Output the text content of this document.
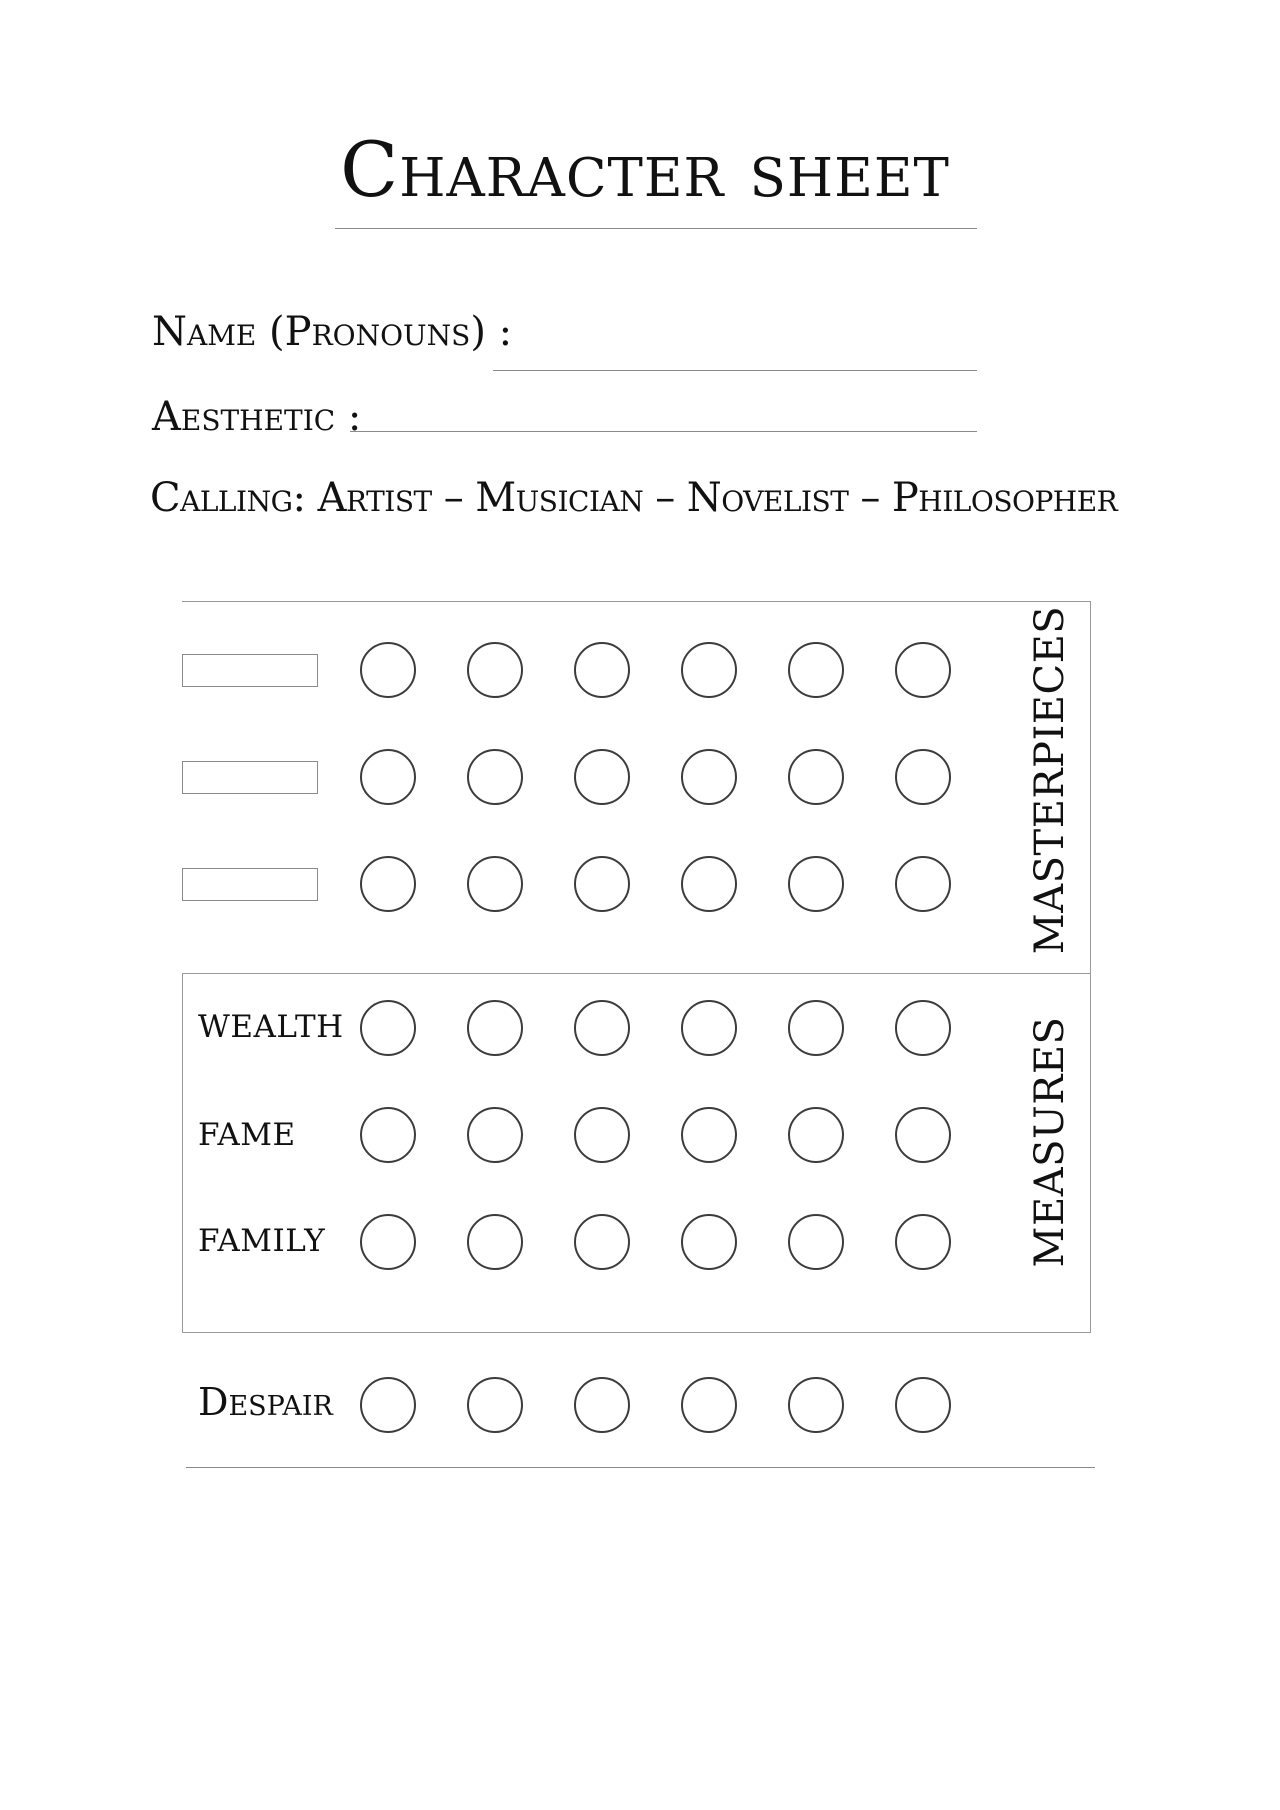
Character sheet
Name (Pronouns) :
Aesthetic :
Calling: Artist – Musician – Novelist – Philosopher
MASTERPIECES
MEASURES
WEALTH
FAME
FAMILY
Despair
